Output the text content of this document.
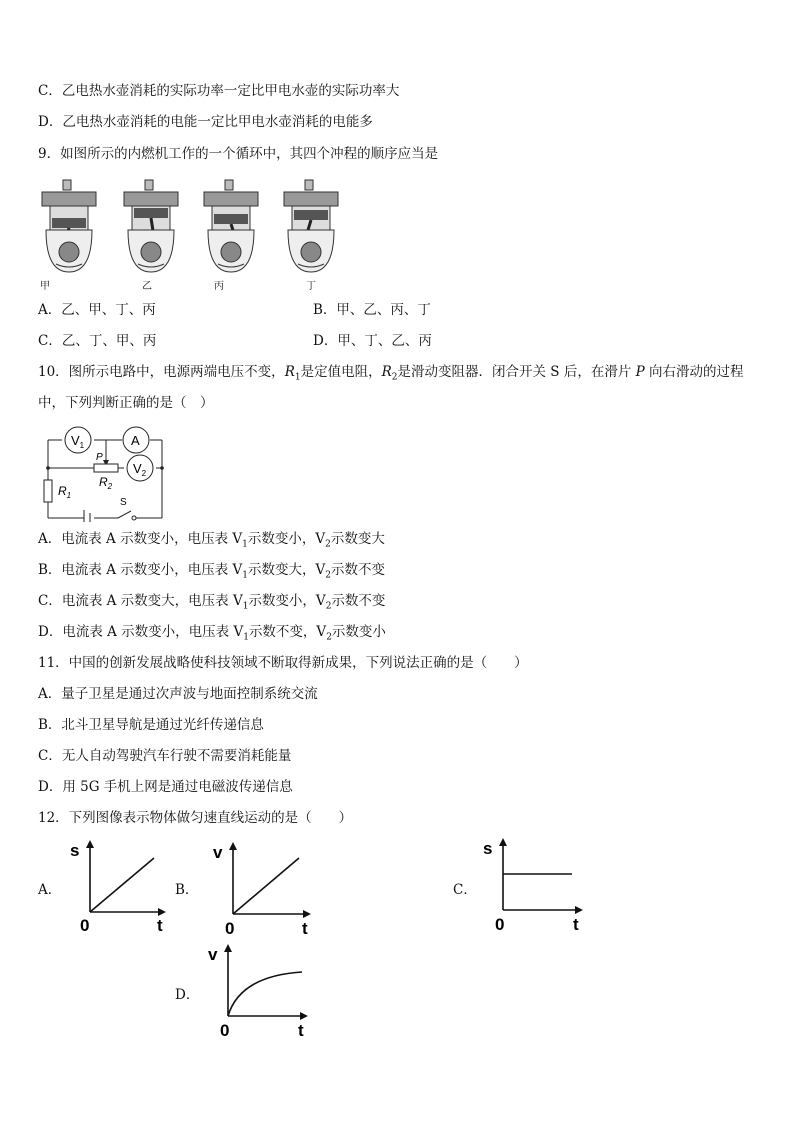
C．乙电热水壶消耗的实际功率一定比甲电水壶的实际功率大
D．乙电热水壶消耗的电能一定比甲电水壶消耗的电能多
9．如图所示的内燃机工作的一个循环中，其四个冲程的顺序应当是
甲	乙	丙	丁
A．乙、甲、丁、丙	B．甲、乙、丙、丁
C．乙、丁、甲、丙	D．甲、丁、乙、丙
10．图所示电路中，电源两端电压不变，$R_1$是定值电阻，$R_2$是滑动变阻器．闭合开关 S 后，在滑片 P 向右滑动的过程
中，下列判断正确的是（　）
$V_1$	A
$V_2$
P
$R_2$
$R_1$
S
A．电流表 A 示数变小，电压表 $V_1$示数变小，$V_2$示数变大
B．电流表 A 示数变小，电压表 $V_1$示数变大，$V_2$示数不变
C．电流表 A 示数变大，电压表 $V_1$示数变小，$V_2$示数不变
D．电流表 A 示数变小，电压表 $V_1$示数不变，$V_2$示数变小
11．中国的创新发展战略使科技领域不断取得新成果，下列说法正确的是（　　）
A．量子卫星是通过次声波与地面控制系统交流
B．北斗卫星导航是通过光纤传递信息
C．无人自动驾驶汽车行驶不需要消耗能量
D．用 5G 手机上网是通过电磁波传递信息
12．下列图像表示物体做匀速直线运动的是（　　）
A．
s
t
0
B．
v
t
0
C．
s
t
0
D．
v
t
0
